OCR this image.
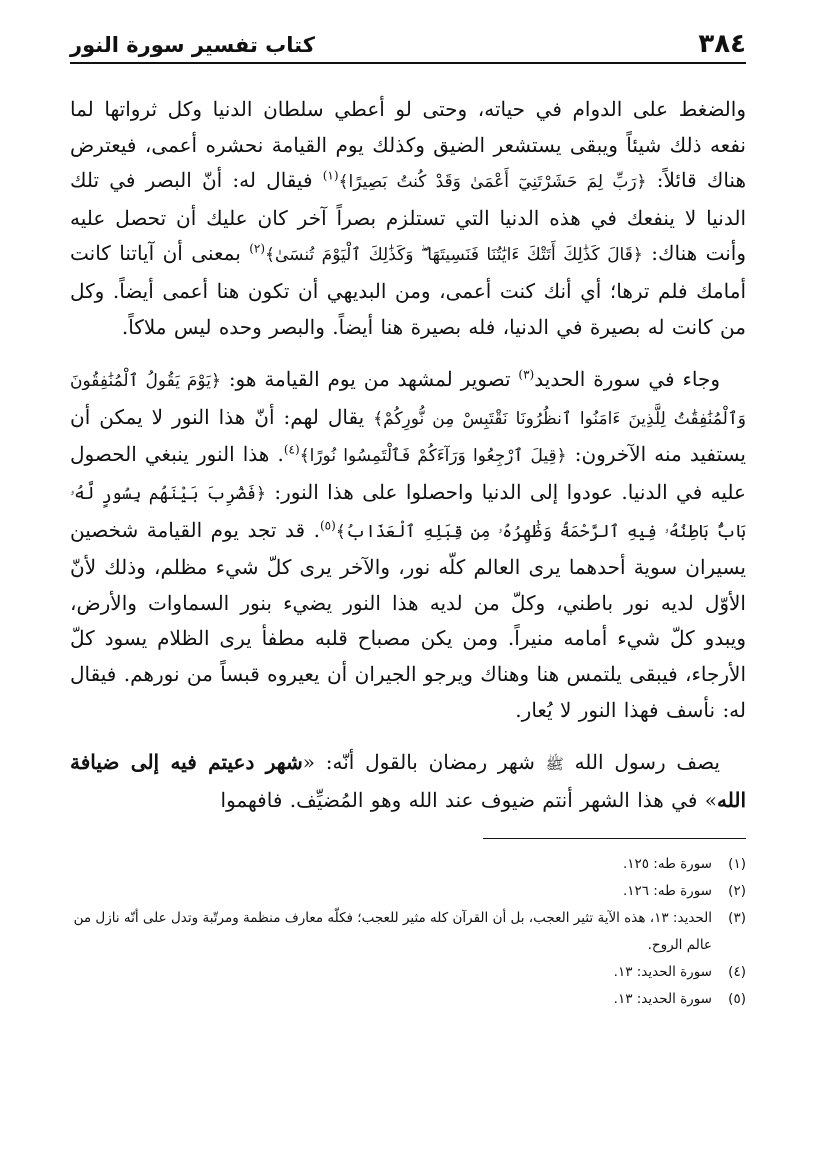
٣٨٤
كتاب تفسير سورة النور

والضغط على الدوام في حياته، وحتى لو أعطي سلطان الدنيا وكل ثرواتها لما نفعه ذلك شيئاً ويبقى يستشعر الضيق وكذلك يوم القيامة نحشره أعمى، فيعترض هناك قائلاً: ﴿رَبِّ لِمَ حَشَرْتَنِيٓ أَعْمَىٰ وَقَدْ كُنتُ بَصِيرًا﴾$^{(١)}$ فيقال له: أنّ البصر في تلك الدنيا لا ينفعك في هذه الدنيا التي تستلزم بصراً آخر كان عليك أن تحصل عليه وأنت هناك: ﴿قَالَ كَذَٰلِكَ أَتَتْكَ ءَايَٰتُنَا فَنَسِيتَهَا ۖ وَكَذَٰلِكَ ٱلْيَوْمَ تُنسَىٰ﴾$^{(٢)}$ بمعنى أن آياتنا كانت أمامك فلم ترها؛ أي أنك كنت أعمى، ومن البديهي أن تكون هنا أعمى أيضاً. وكل من كانت له بصيرة في الدنيا، فله بصيرة هنا أيضاً. والبصر وحده ليس ملاكاً.

وجاء في سورة الحديد$^{(٣)}$ تصوير لمشهد من يوم القيامة هو: ﴿يَوْمَ يَقُولُ ٱلْمُنَٰفِقُونَ وَٱلْمُنَٰفِقَٰتُ لِلَّذِينَ ءَامَنُوا ٱنظُرُونَا نَقْتَبِسْ مِن نُّورِكُمْ﴾ يقال لهم: أنّ هذا النور لا يمكن أن يستفيد منه الآخرون: ﴿قِيلَ ٱرْجِعُوا وَرَآءَكُمْ فَٱلْتَمِسُوا نُورًا﴾$^{(٤)}$. هذا النور ينبغي الحصول عليه في الدنيا. عودوا إلى الدنيا واحصلوا على هذا النور: ﴿فَضُرِبَ بَيْنَهُم بِسُورٍ لَّهُۥ بَابٌۢ بَاطِنُهُۥ فِيهِ ٱلرَّحْمَةُ وَظَٰهِرُهُۥ مِن قِبَلِهِ ٱلْعَذَابُ﴾$^{(٥)}$. قد تجد يوم القيامة شخصين يسيران سوية أحدهما يرى العالم كلّه نور، والآخر يرى كلّ شيء مظلم، وذلك لأنّ الأوّل لديه نور باطني، وكلّ من لديه هذا النور يضيء بنور السماوات والأرض، ويبدو كلّ شيء أمامه منيراً. ومن يكن مصباح قلبه مطفأ يرى الظلام يسود كلّ الأرجاء، فيبقى يلتمس هنا وهناك ويرجو الجيران أن يعيروه قبساً من نورهم. فيقال له: نأسف فهذا النور لا يُعار.

يصف رسول الله ﷺ شهر رمضان بالقول أنّه: «شهر دعيتم فيه إلى ضيافة الله» في هذا الشهر أنتم ضيوف عند الله وهو المُضيِّف. فافهموا

(١)
سورة طه: ١٢٥.
(٢)
سورة طه: ١٢٦.
(٣)
الحديد: ١٣، هذه الآية تثير العجب، بل أن القرآن كله مثير للعجب؛ فكلّه معارف منظمة ومرتّبة وتدل على أنّه نازل من عالم الروح.
(٤)
سورة الحديد: ١٣.
(٥)
سورة الحديد: ١٣.
